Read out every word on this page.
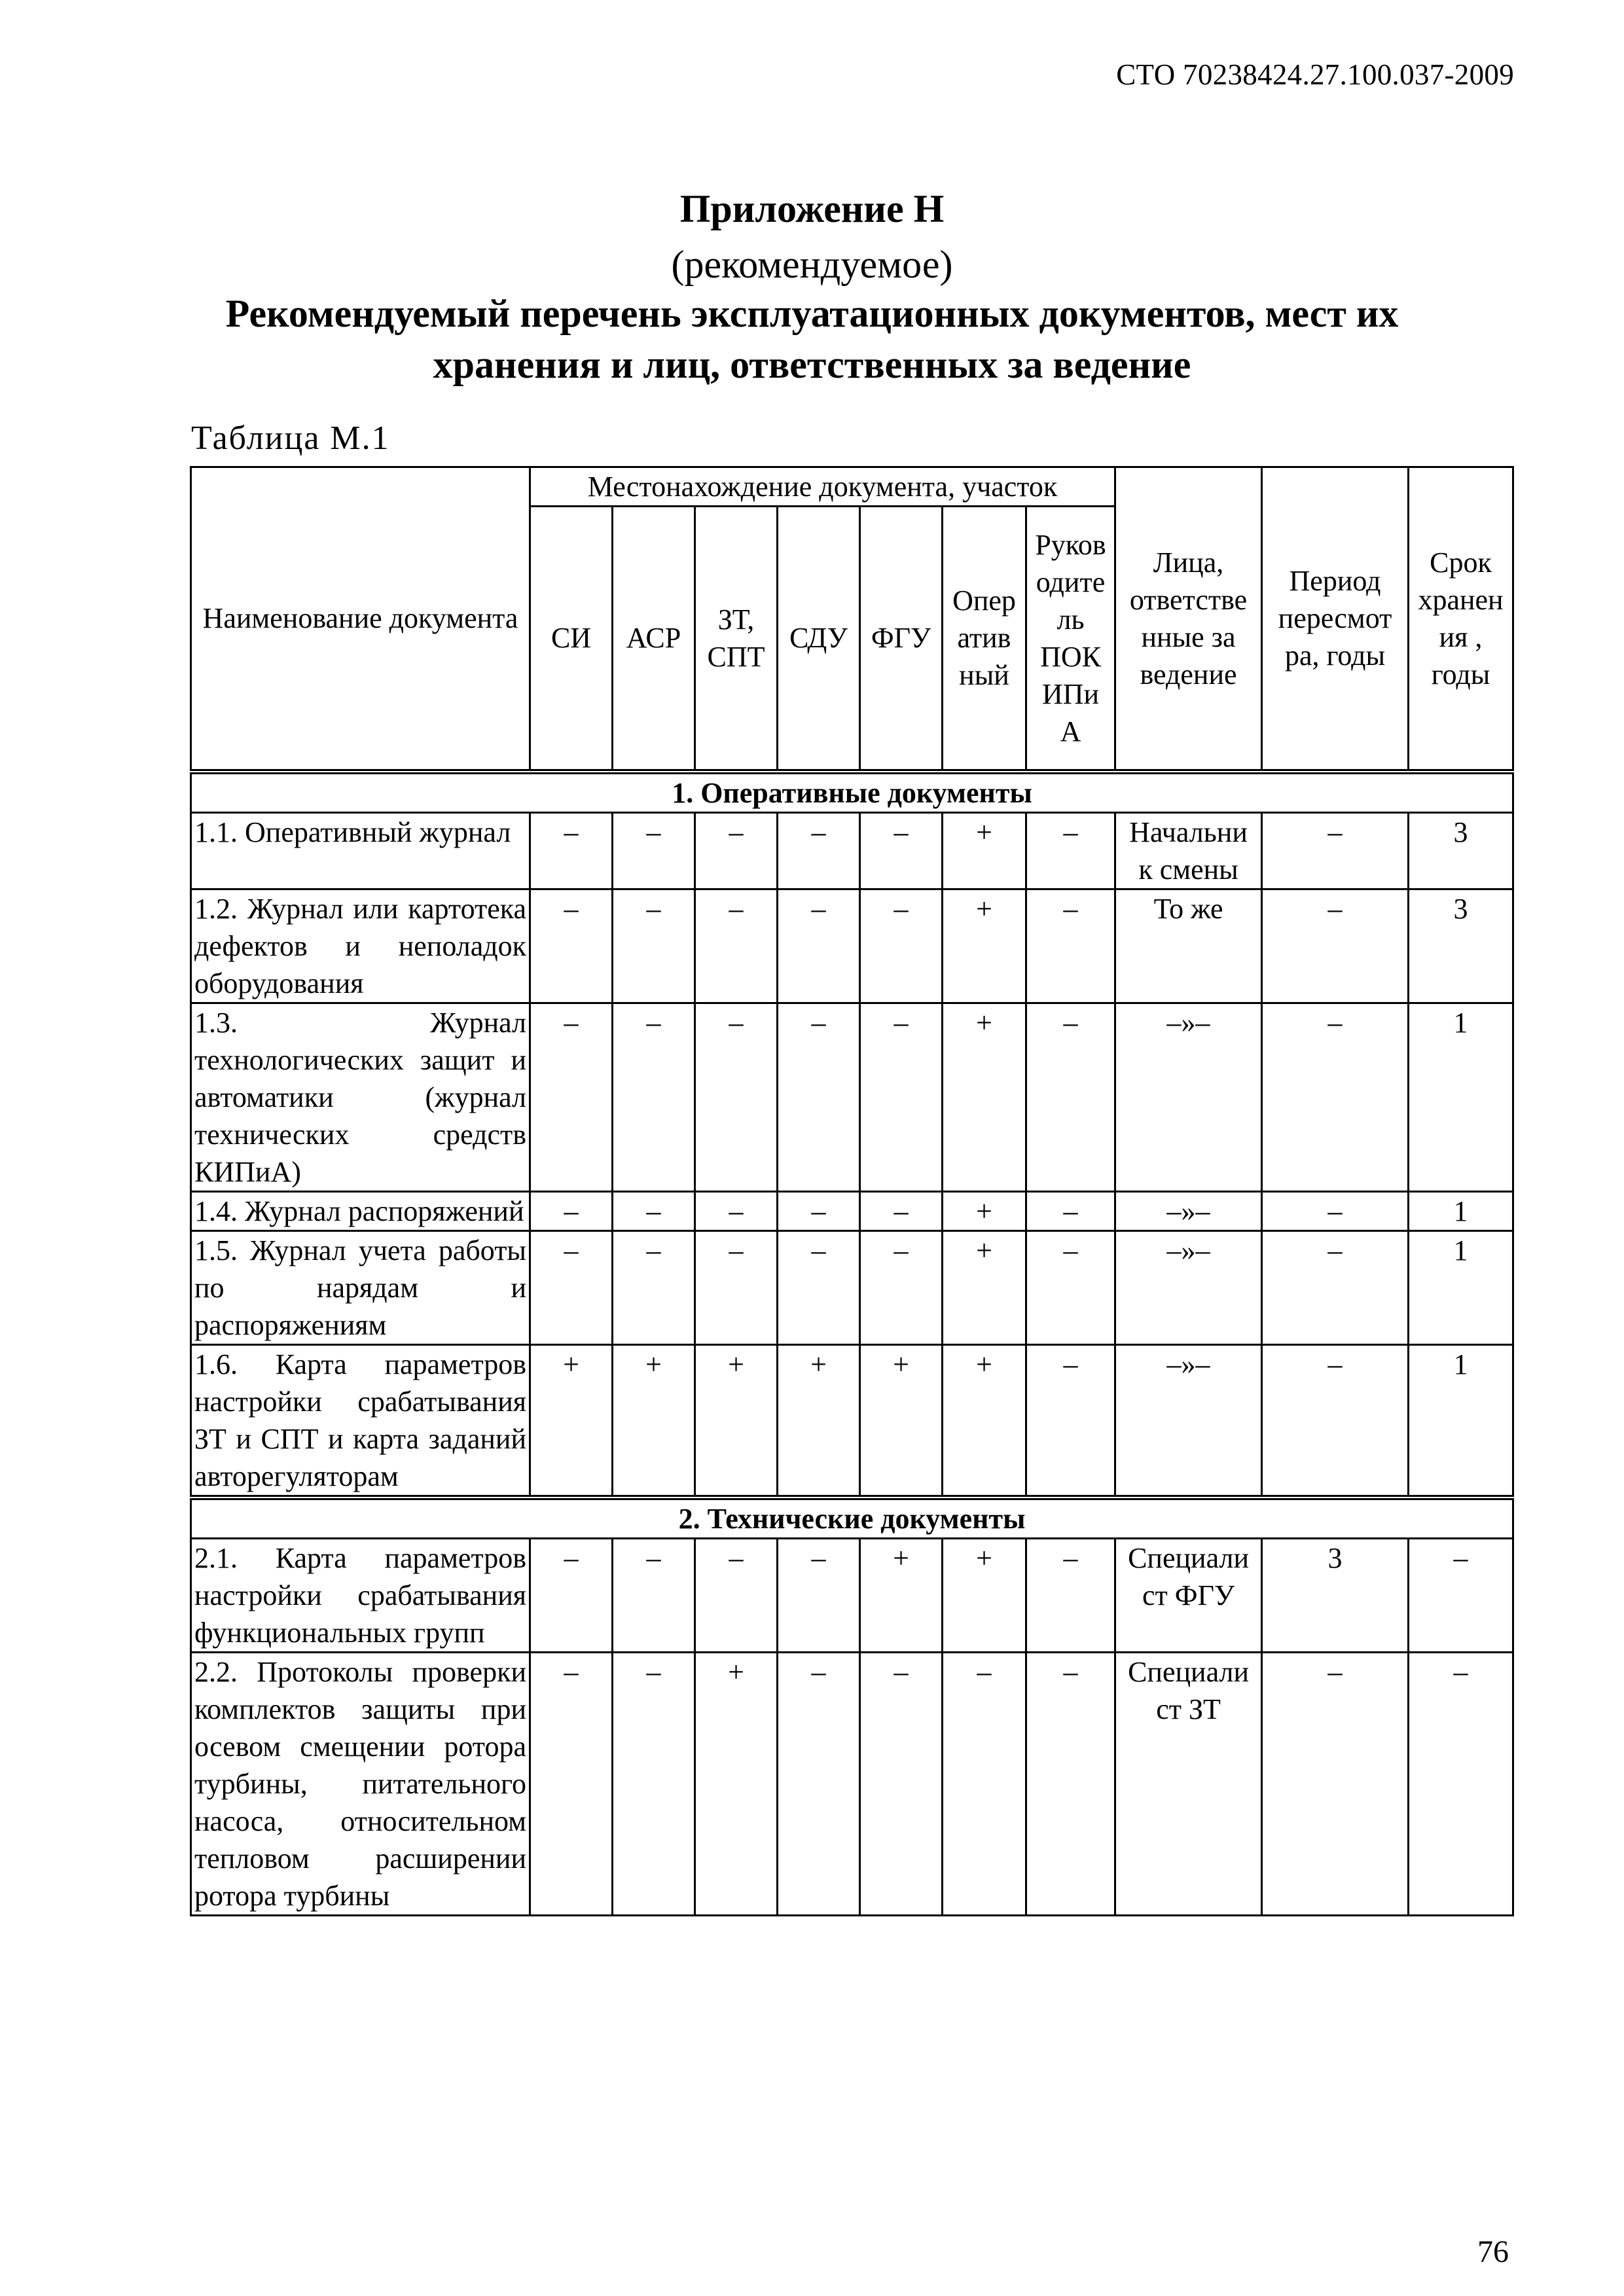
СТО 70238424.27.100.037-2009
Приложение Н
(рекомендуемое)
Рекомендуемый перечень эксплуатационных документов, мест их
хранения и лиц, ответственных за ведение
Таблица М.1
Наименование документа	Местонахождение документа, участок							Лица, ответстве нные за ведение	Период пересмот ра, годы	Срок хранен ия , годы
	СИ	АСР	ЗТ, СПТ	СДУ	ФГУ	Опер атив ный	Руков одите ль ПОК ИПи А			
1. Оперативные документы										
1.1. Оперативный журнал	–	–	–	–	–	+	–	Начальни к смены	–	3
1.2. Журнал или картотека дефектов и неполадок оборудования	–	–	–	–	–	+	–	То же	–	3
1.3. Журнал технологических защит и автоматики (журнал технических средств КИПиА)	–	–	–	–	–	+	–	–»–	–	1
1.4. Журнал распоряжений	–	–	–	–	–	+	–	–»–	–	1
1.5. Журнал учета работы по нарядам и распоряжениям	–	–	–	–	–	+	–	–»–	–	1
1.6. Карта параметров настройки срабатывания ЗТ и СПТ и карта заданий авторегуляторам	+	+	+	+	+	+	–	–»–	–	1
2. Технические документы										
2.1. Карта параметров настройки срабатывания функциональных групп	–	–	–	–	+	+	–	Специали ст ФГУ	3	–
2.2. Протоколы проверки комплектов защиты при осевом смещении ротора турбины, питательного насоса, относительном тепловом расширении ротора турбины	–	–	+	–	–	–	–	Специали ст ЗТ	–	–
76
